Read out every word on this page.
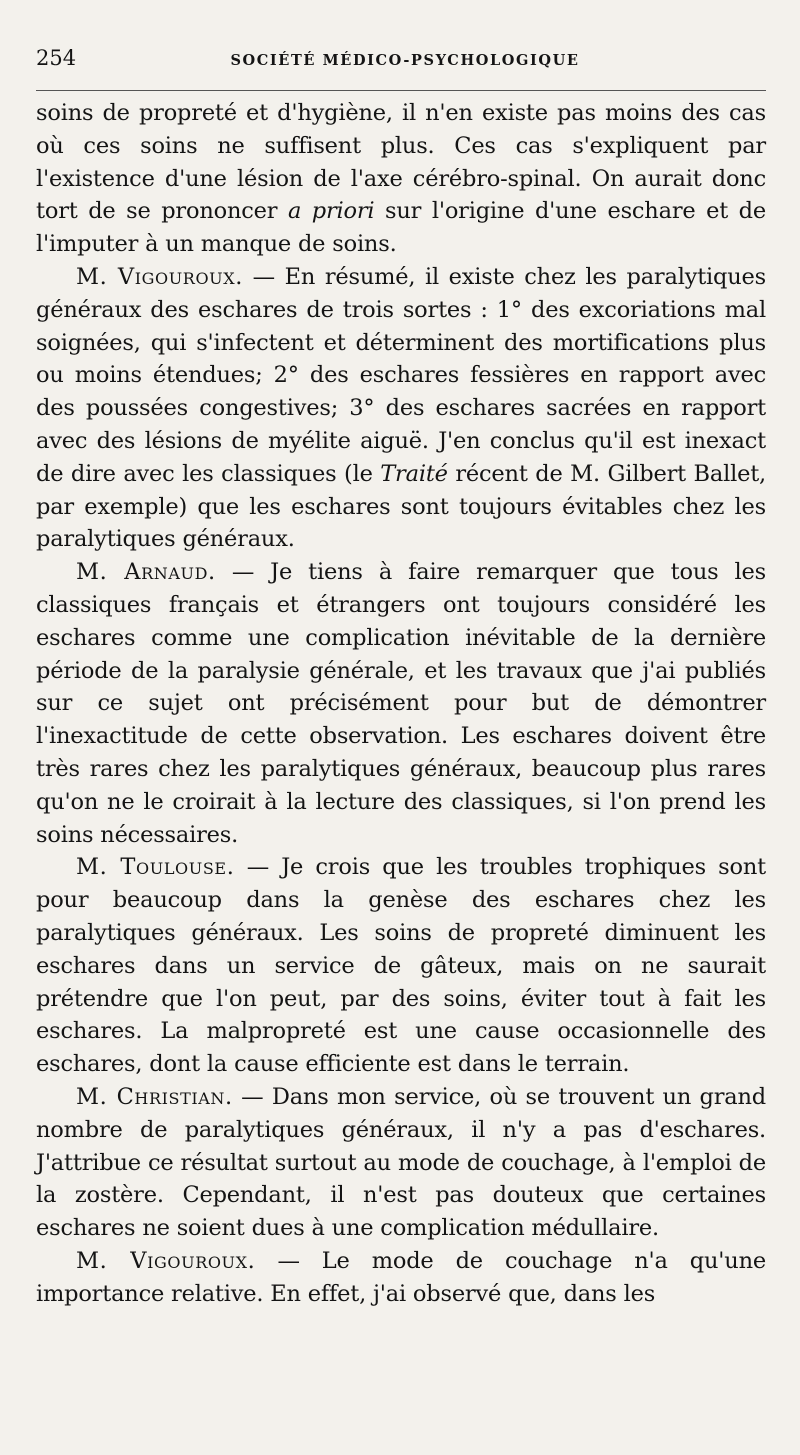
254	SOCIÉTÉ MÉDICO-PSYCHOLOGIQUE

soins de propreté et d'hygiène, il n'en existe pas moins des cas où ces soins ne suffisent plus. Ces cas s'expliquent par l'existence d'une lésion de l'axe cérébro-spinal. On aurait donc tort de se prononcer a priori sur l'origine d'une eschare et de l'imputer à un manque de soins.

M. Vigouroux. — En résumé, il existe chez les paralytiques généraux des eschares de trois sortes : 1° des excoriations mal soignées, qui s'infectent et déterminent des mortifications plus ou moins étendues; 2° des eschares fessières en rapport avec des poussées congestives; 3° des eschares sacrées en rapport avec des lésions de myélite aiguë. J'en conclus qu'il est inexact de dire avec les classiques (le Traité récent de M. Gilbert Ballet, par exemple) que les eschares sont toujours évitables chez les paralytiques généraux.

M. Arnaud. — Je tiens à faire remarquer que tous les classiques français et étrangers ont toujours considéré les eschares comme une complication inévitable de la dernière période de la paralysie générale, et les travaux que j'ai publiés sur ce sujet ont précisément pour but de démontrer l'inexactitude de cette observation. Les eschares doivent être très rares chez les paralytiques généraux, beaucoup plus rares qu'on ne le croirait à la lecture des classiques, si l'on prend les soins nécessaires.

M. Toulouse. — Je crois que les troubles trophiques sont pour beaucoup dans la genèse des eschares chez les paralytiques généraux. Les soins de propreté diminuent les eschares dans un service de gâteux, mais on ne saurait prétendre que l'on peut, par des soins, éviter tout à fait les eschares. La malpropreté est une cause occasionnelle des eschares, dont la cause efficiente est dans le terrain.

M. Christian. — Dans mon service, où se trouvent un grand nombre de paralytiques généraux, il n'y a pas d'eschares. J'attribue ce résultat surtout au mode de couchage, à l'emploi de la zostère. Cependant, il n'est pas douteux que certaines eschares ne soient dues à une complication médullaire.

M. Vigouroux. — Le mode de couchage n'a qu'une importance relative. En effet, j'ai observé que, dans les
